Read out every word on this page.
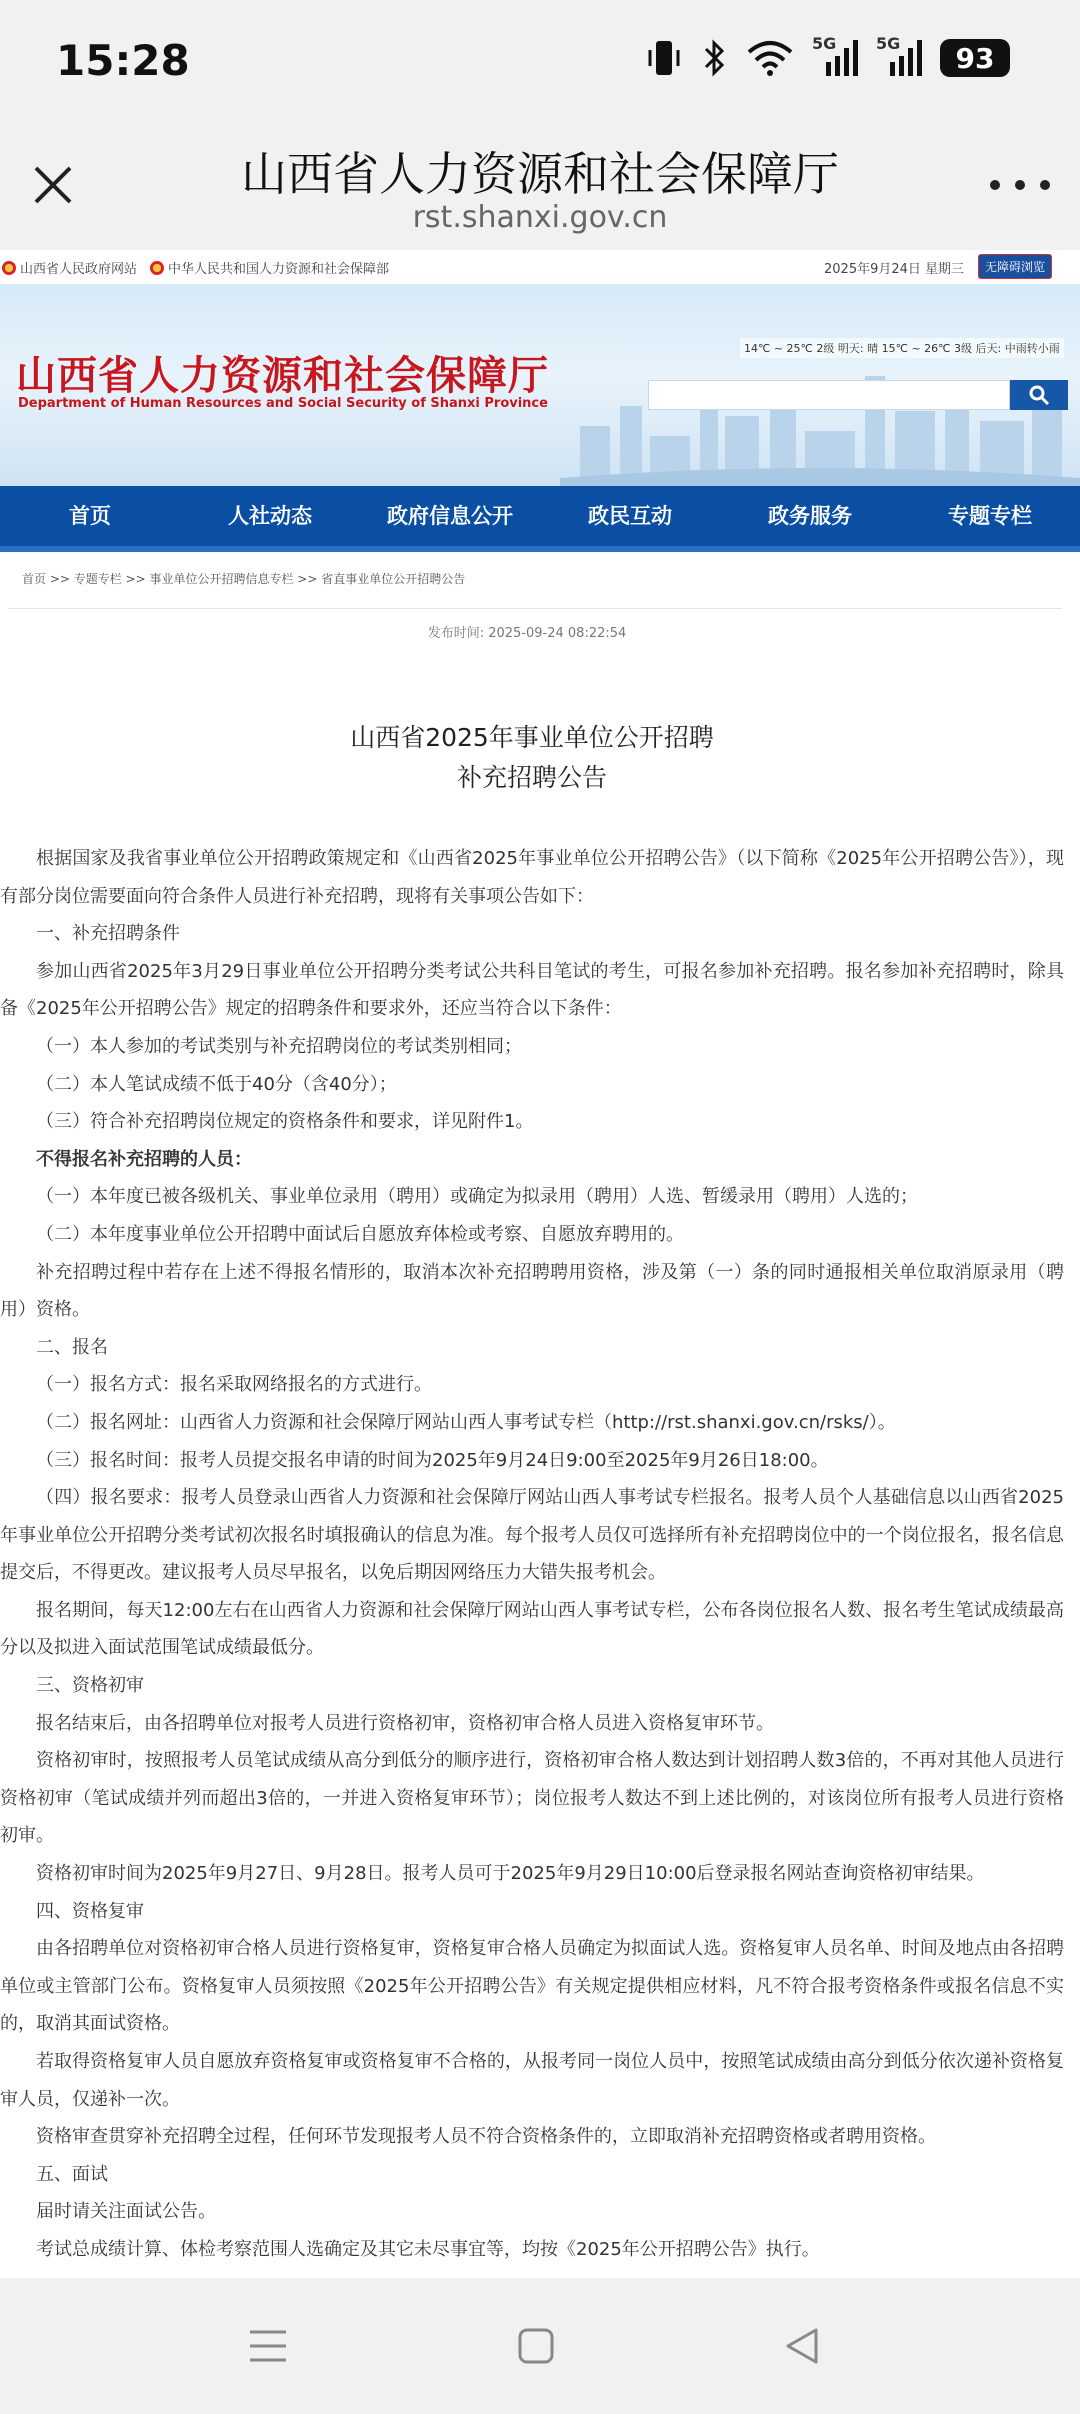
15:28	5G 5G	93
山西省人力资源和社会保障厅
rst.shanxi.gov.cn
山西省人民政府网站 中华人民共和国人力资源和社会保障部	2025年9月24日 星期三	无障碍浏览
山西省人力资源和社会保障厅
Department of Human Resources and Social Security of Shanxi Province
14℃ ~ 25℃ 2级 明天: 晴 15℃ ~ 26℃ 3级 后天: 中雨转小雨
首页	人社动态	政府信息公开	政民互动	政务服务	专题专栏
首页 >> 专题专栏 >> 事业单位公开招聘信息专栏 >> 省直事业单位公开招聘公告
发布时间: 2025-09-24 08:22:54
山西省2025年事业单位公开招聘
补充招聘公告

根据国家及我省事业单位公开招聘政策规定和《山西省2025年事业单位公开招聘公告》（以下简称《2025年公开招聘公告》），现有部分岗位需要面向符合条件人员进行补充招聘，现将有关事项公告如下：

一、补充招聘条件

参加山西省2025年3月29日事业单位公开招聘分类考试公共科目笔试的考生，可报名参加补充招聘。报名参加补充招聘时，除具备《2025年公开招聘公告》规定的招聘条件和要求外，还应当符合以下条件：

（一）本人参加的考试类别与补充招聘岗位的考试类别相同；

（二）本人笔试成绩不低于40分（含40分）；

（三）符合补充招聘岗位规定的资格条件和要求，详见附件1。

不得报名补充招聘的人员：

（一）本年度已被各级机关、事业单位录用（聘用）或确定为拟录用（聘用）人选、暂缓录用（聘用）人选的；

（二）本年度事业单位公开招聘中面试后自愿放弃体检或考察、自愿放弃聘用的。

补充招聘过程中若存在上述不得报名情形的，取消本次补充招聘聘用资格，涉及第（一）条的同时通报相关单位取消原录用（聘用）资格。

二、报名

（一）报名方式：报名采取网络报名的方式进行。

（二）报名网址：山西省人力资源和社会保障厅网站山西人事考试专栏（http://rst.shanxi.gov.cn/rsks/）。

（三）报名时间：报考人员提交报名申请的时间为2025年9月24日9:00至2025年9月26日18:00。

（四）报名要求：报考人员登录山西省人力资源和社会保障厅网站山西人事考试专栏报名。报考人员个人基础信息以山西省2025年事业单位公开招聘分类考试初次报名时填报确认的信息为准。每个报考人员仅可选择所有补充招聘岗位中的一个岗位报名，报名信息提交后，不得更改。建议报考人员尽早报名，以免后期因网络压力大错失报考机会。

报名期间，每天12:00左右在山西省人力资源和社会保障厅网站山西人事考试专栏，公布各岗位报名人数、报名考生笔试成绩最高分以及拟进入面试范围笔试成绩最低分。

三、资格初审

报名结束后，由各招聘单位对报考人员进行资格初审，资格初审合格人员进入资格复审环节。

资格初审时，按照报考人员笔试成绩从高分到低分的顺序进行，资格初审合格人数达到计划招聘人数3倍的，不再对其他人员进行资格初审（笔试成绩并列而超出3倍的，一并进入资格复审环节）；岗位报考人数达不到上述比例的，对该岗位所有报考人员进行资格初审。

资格初审时间为2025年9月27日、9月28日。报考人员可于2025年9月29日10:00后登录报名网站查询资格初审结果。

四、资格复审

由各招聘单位对资格初审合格人员进行资格复审，资格复审合格人员确定为拟面试人选。资格复审人员名单、时间及地点由各招聘单位或主管部门公布。资格复审人员须按照《2025年公开招聘公告》有关规定提供相应材料，凡不符合报考资格条件或报名信息不实的，取消其面试资格。

若取得资格复审人员自愿放弃资格复审或资格复审不合格的，从报考同一岗位人员中，按照笔试成绩由高分到低分依次递补资格复审人员，仅递补一次。

资格审查贯穿补充招聘全过程，任何环节发现报考人员不符合资格条件的，立即取消补充招聘资格或者聘用资格。

五、面试

届时请关注面试公告。

考试总成绩计算、体检考察范围人选确定及其它未尽事宜等，均按《2025年公开招聘公告》执行。
